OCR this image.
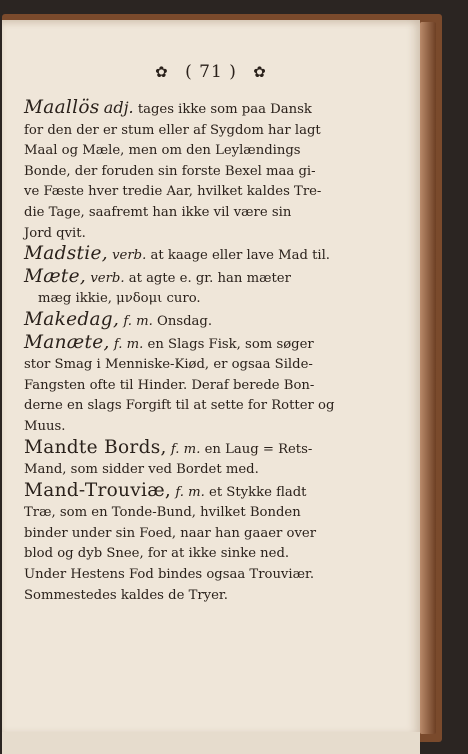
✿ ( 71 ) ✿

Maallös adj. tages ikke som paa Dansk

for den der er stum eller af Sygdom har lagt

Maal og Mæle, men om den Leylændings

Bonde, der foruden sin forste Bexel maa gi-

ve Fæste hver tredie Aar, hvilket kaldes Tre-

die Tage, saafremt han ikke vil være sin

Jord qvit.

Madstie, verb. at kaage eller lave Mad til.

Mæte, verb. at agte e. gr. han mæter

mæg ikkie, μνδομι curo.

Makedag, f. m. Onsdag.

Manæte, f. m. en Slags Fisk, som søger

stor Smag i Menniske-Kiød, er ogsaa Silde-

Fangsten ofte til Hinder. Deraf berede Bon-

derne en slags Forgift til at sette for Rotter og

Muus.

Mandte Bords, f. m. en Laug = Rets-

Mand, som sidder ved Bordet med.

Mand-Trouviæ, f. m. et Stykke fladt

Træ, som en Tonde-Bund, hvilket Bonden

binder under sin Foed, naar han gaaer over

blod og dyb Snee, for at ikke sinke ned.

Under Hestens Fod bindes ogsaa Trouviær.

Sommestedes kaldes de Tryer.
